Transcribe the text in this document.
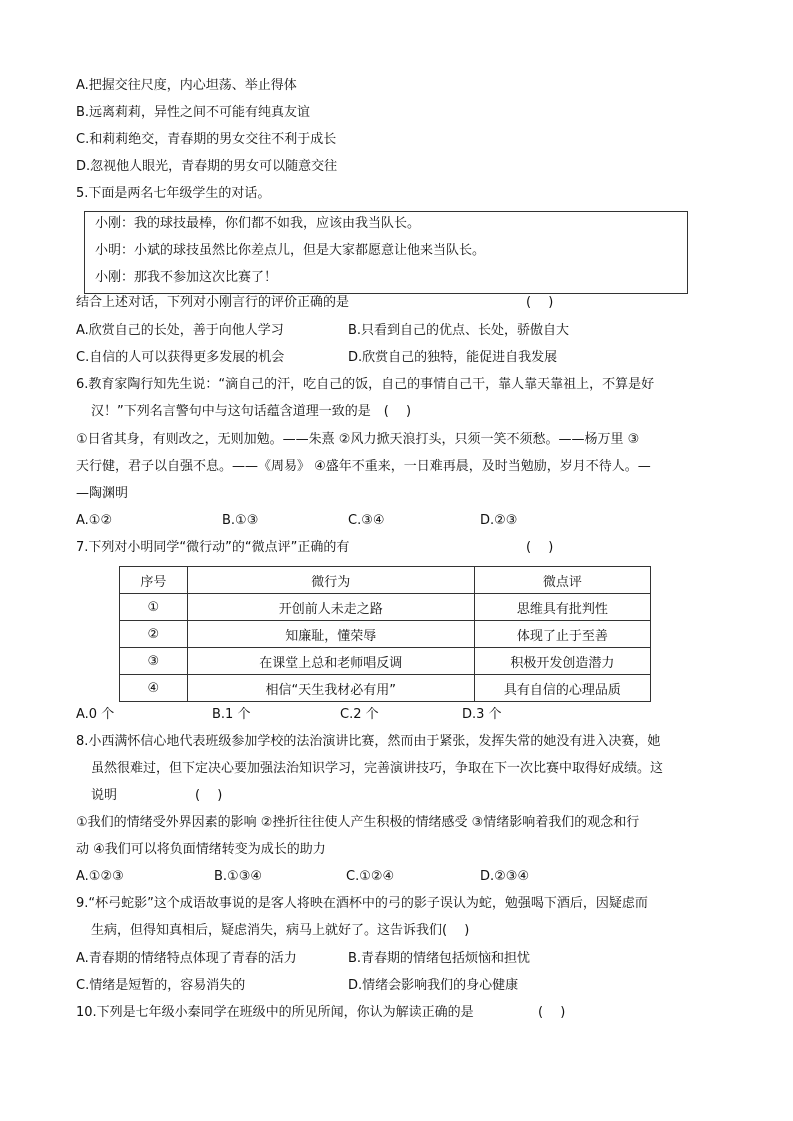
A.把握交往尺度，内心坦荡、举止得体
B.远离莉莉，异性之间不可能有纯真友谊
C.和莉莉绝交，青春期的男女交往不利于成长
D.忽视他人眼光，青春期的男女可以随意交往
5.下面是两名七年级学生的对话。
小刚：我的球技最棒，你们都不如我，应该由我当队长。
小明：小斌的球技虽然比你差点儿，但是大家都愿意让他来当队长。
小刚：那我不参加这次比赛了！
结合上述对话，下列对小刚言行的评价正确的是	(　 )
A.欣赏自己的长处，善于向他人学习	B.只看到自己的优点、长处，骄傲自大
C.自信的人可以获得更多发展的机会	D.欣赏自己的独特，能促进自我发展
6.教育家陶行知先生说：“滴自己的汗，吃自己的饭，自己的事情自己干，靠人靠天靠祖上，不算是好
汉！”下列名言警句中与这句话蕴含道理一致的是　(　 )
①日省其身，有则改之，无则加勉。——朱熹 ②风力掀天浪打头，只须一笑不须愁。——杨万里 ③
天行健，君子以自强不息。——《周易》 ④盛年不重来，一日难再晨，及时当勉励，岁月不待人。—
—陶渊明
A.①②	B.①③	C.③④	D.②③
7.下列对小明同学“微行动”的“微点评”正确的有	(　 )
序号	微行为	微点评
①	开创前人未走之路	思维具有批判性
②	知廉耻，懂荣辱	体现了止于至善
③	在课堂上总和老师唱反调	积极开发创造潜力
④	相信“天生我材必有用”	具有自信的心理品质
A.0 个	B.1 个	C.2 个	D.3 个
8.小西满怀信心地代表班级参加学校的法治演讲比赛，然而由于紧张，发挥失常的她没有进入决赛，她
虽然很难过，但下定决心要加强法治知识学习，完善演讲技巧，争取在下一次比赛中取得好成绩。这
说明　　　　　　(　 )
①我们的情绪受外界因素的影响 ②挫折往往使人产生积极的情绪感受 ③情绪影响着我们的观念和行
动 ④我们可以将负面情绪转变为成长的助力
A.①②③	B.①③④	C.①②④	D.②③④
9.“杯弓蛇影”这个成语故事说的是客人将映在酒杯中的弓的影子误认为蛇，勉强喝下酒后，因疑虑而
生病，但得知真相后，疑虑消失，病马上就好了。这告诉我们(　 )
A.青春期的情绪特点体现了青春的活力	B.青春期的情绪包括烦恼和担忧
C.情绪是短暂的，容易消失的	D.情绪会影响我们的身心健康
10.下列是七年级小秦同学在班级中的所见所闻，你认为解读正确的是	(　 )
